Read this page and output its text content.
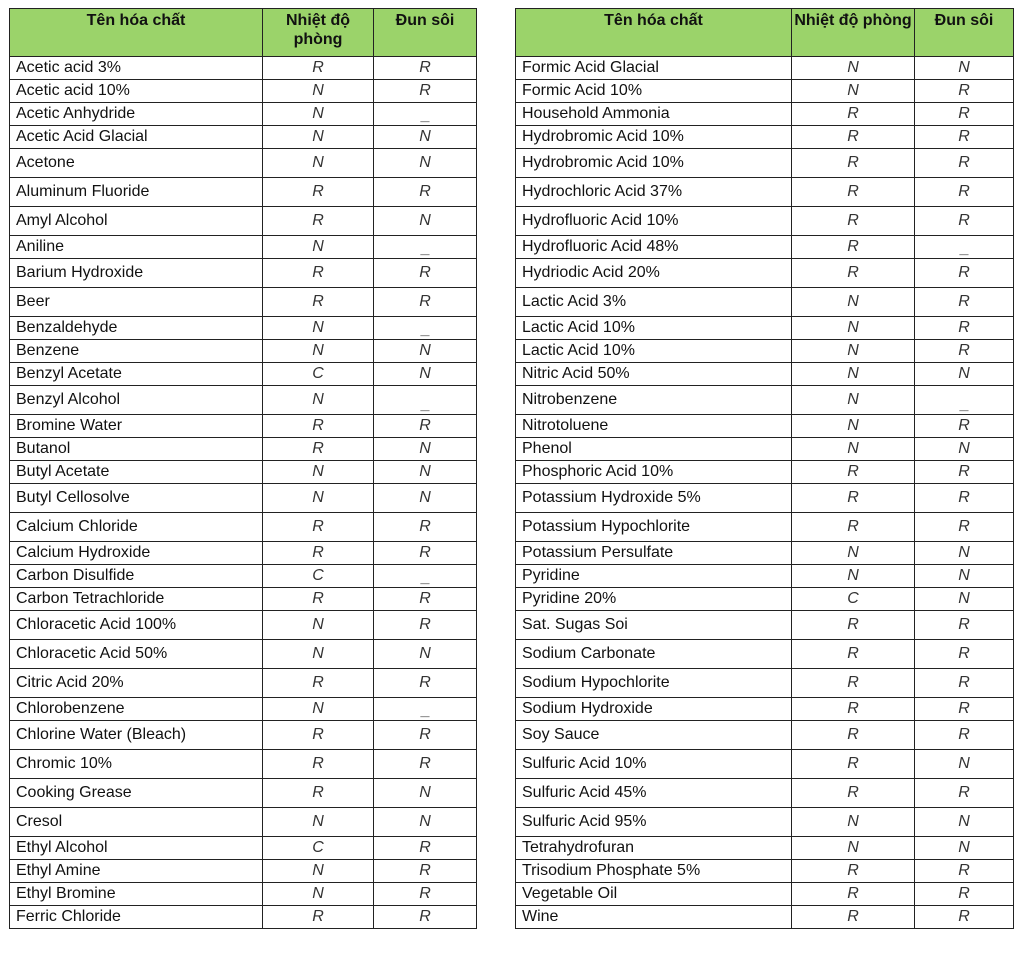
Tên hóa chất	Nhiệt độ phòng	Đun sôi
Acetic acid 3%	R	R
Acetic acid 10%	N	R
Acetic Anhydride	N	_
Acetic Acid Glacial	N	N
Acetone	N	N
Aluminum Fluoride	R	R
Amyl Alcohol	R	N
Aniline	N	_
Barium Hydroxide	R	R
Beer	R	R
Benzaldehyde	N	_
Benzene	N	N
Benzyl Acetate	C	N
Benzyl Alcohol	N	_
Bromine Water	R	R
Butanol	R	N
Butyl Acetate	N	N
Butyl Cellosolve	N	N
Calcium Chloride	R	R
Calcium Hydroxide	R	R
Carbon Disulfide	C	_
Carbon Tetrachloride	R	R
Chloracetic Acid 100%	N	R
Chloracetic Acid 50%	N	N
Citric Acid 20%	R	R
Chlorobenzene	N	_
Chlorine Water (Bleach)	R	R
Chromic 10%	R	R
Cooking Grease	R	N
Cresol	N	N
Ethyl Alcohol	C	R
Ethyl Amine	N	R
Ethyl Bromine	N	R
Ferric Chloride	R	R
Tên hóa chất	Nhiệt độ phòng	Đun sôi
Formic Acid Glacial	N	N
Formic Acid 10%	N	R
Household Ammonia	R	R
Hydrobromic Acid 10%	R	R
Hydrobromic Acid 10%	R	R
Hydrochloric Acid 37%	R	R
Hydrofluoric Acid 10%	R	R
Hydrofluoric Acid 48%	R	_
Hydriodic Acid 20%	R	R
Lactic Acid 3%	N	R
Lactic Acid 10%	N	R
Lactic Acid 10%	N	R
Nitric Acid 50%	N	N
Nitrobenzene	N	_
Nitrotoluene	N	R
Phenol	N	N
Phosphoric Acid 10%	R	R
Potassium Hydroxide 5%	R	R
Potassium Hypochlorite	R	R
Potassium Persulfate	N	N
Pyridine	N	N
Pyridine 20%	C	N
Sat. Sugas Soi	R	R
Sodium Carbonate	R	R
Sodium Hypochlorite	R	R
Sodium Hydroxide	R	R
Soy Sauce	R	R
Sulfuric Acid 10%	R	N
Sulfuric Acid 45%	R	R
Sulfuric Acid 95%	N	N
Tetrahydrofuran	N	N
Trisodium Phosphate 5%	R	R
Vegetable Oil	R	R
Wine	R	R
